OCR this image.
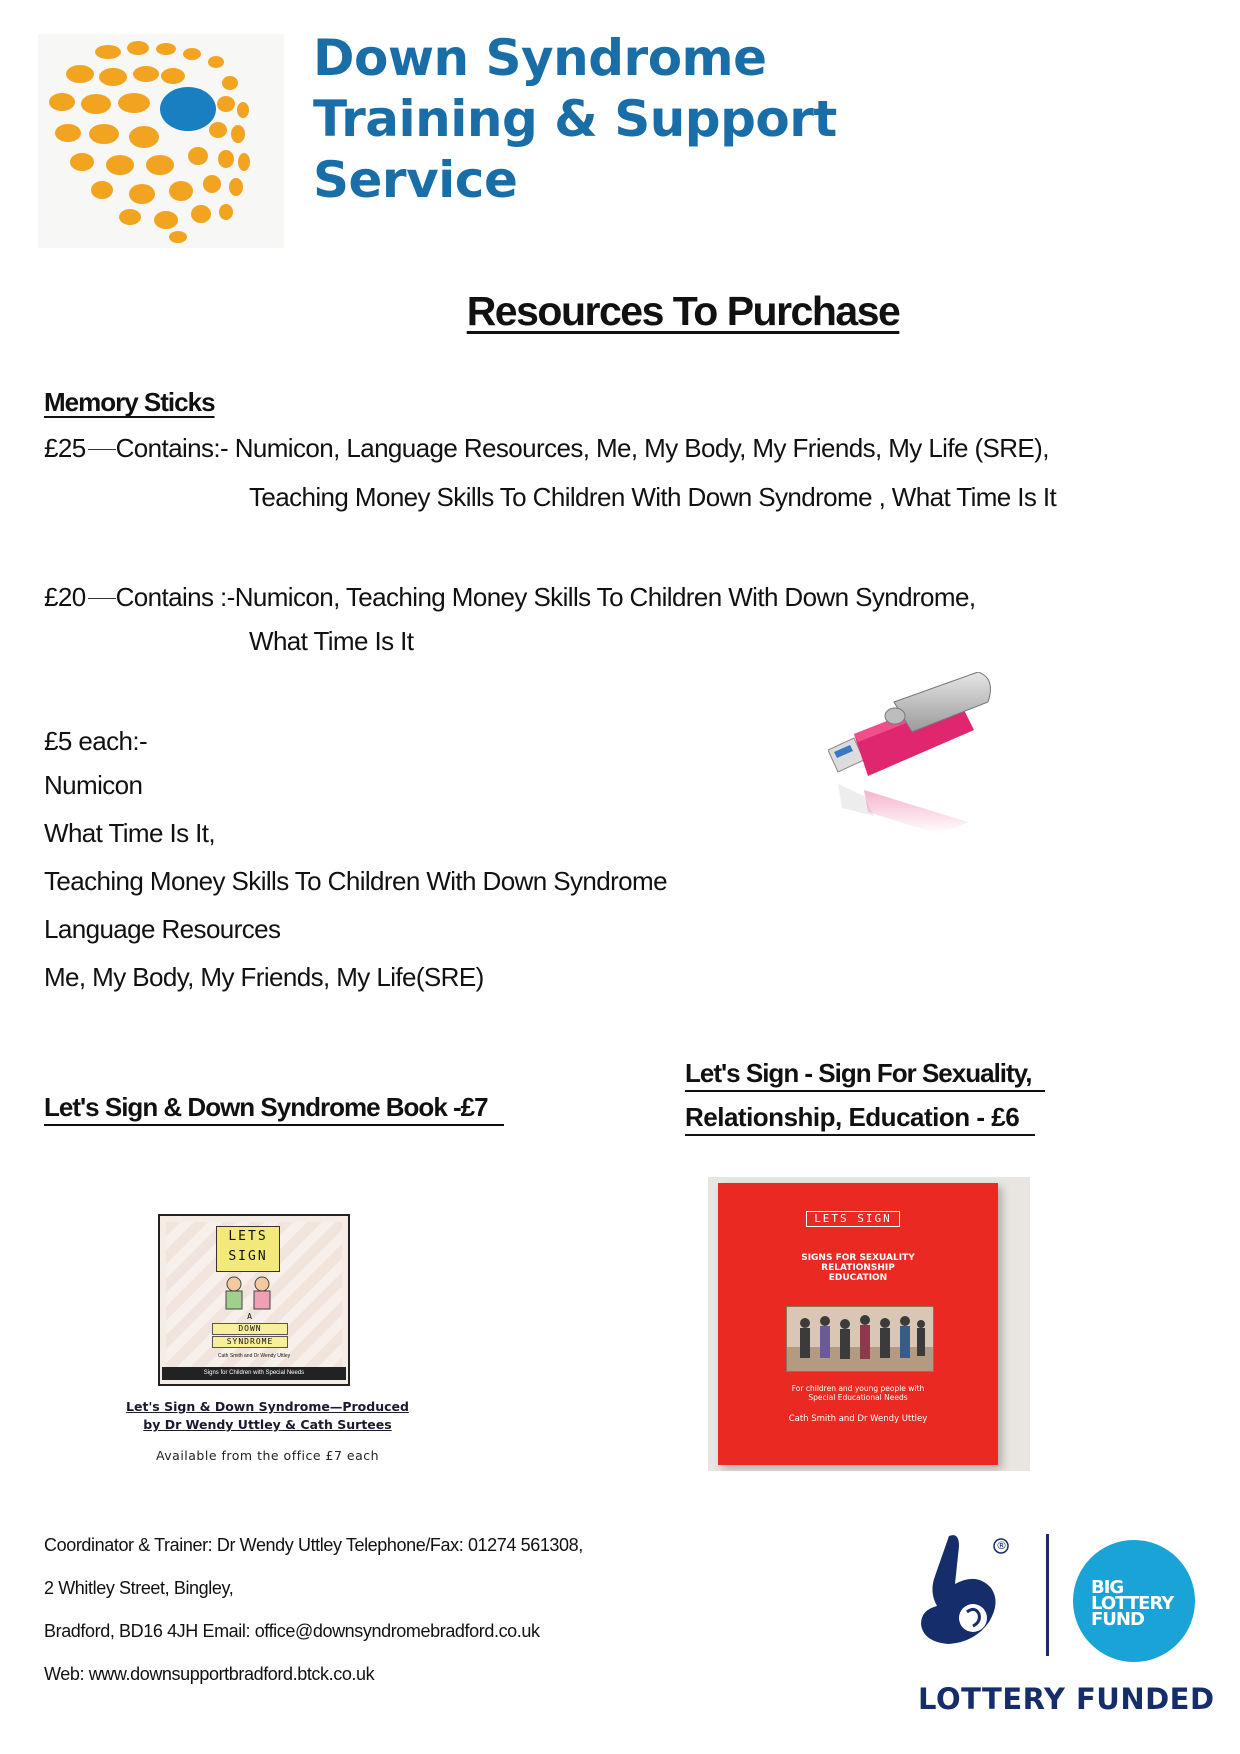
Down Syndrome
Training & Support
Service
Resources To Purchase
Memory Sticks
£25 Contains:- Numicon, Language Resources, Me, My Body, My Friends, My Life (SRE),
Teaching Money Skills To Children With Down Syndrome , What Time Is It
£20 Contains :-Numicon, Teaching Money Skills To Children With Down Syndrome,
What Time Is It
£5 each:-
Numicon
What Time Is It,
Teaching Money Skills To Children With Down Syndrome
Language Resources
Me, My Body, My Friends, My Life(SRE)
Let's Sign & Down Syndrome Book -£7
LETS
SIGN
A
DOWN
SYNDROME
Cath Smith and Dr Wendy Uttley
Signs for Children with Special Needs
Let's Sign & Down Syndrome—Produced
by Dr Wendy Uttley & Cath Surtees
Available from the office £7 each
Let's Sign - Sign For Sexuality,
Relationship, Education - £6
LETS SIGN
SIGNS FOR SEXUALITY
RELATIONSHIP
EDUCATION
For children and young people with
Special Educational Needs
Cath Smith and Dr Wendy Uttley
Coordinator & Trainer: Dr Wendy Uttley Telephone/Fax: 01274 561308,
2 Whitley Street, Bingley,
Bradford, BD16 4JH Email: office@downsyndromebradford.co.uk
Web: www.downsupportbradford.btck.co.uk
®
BIG
LOTTERY
FUND
LOTTERY FUNDED
